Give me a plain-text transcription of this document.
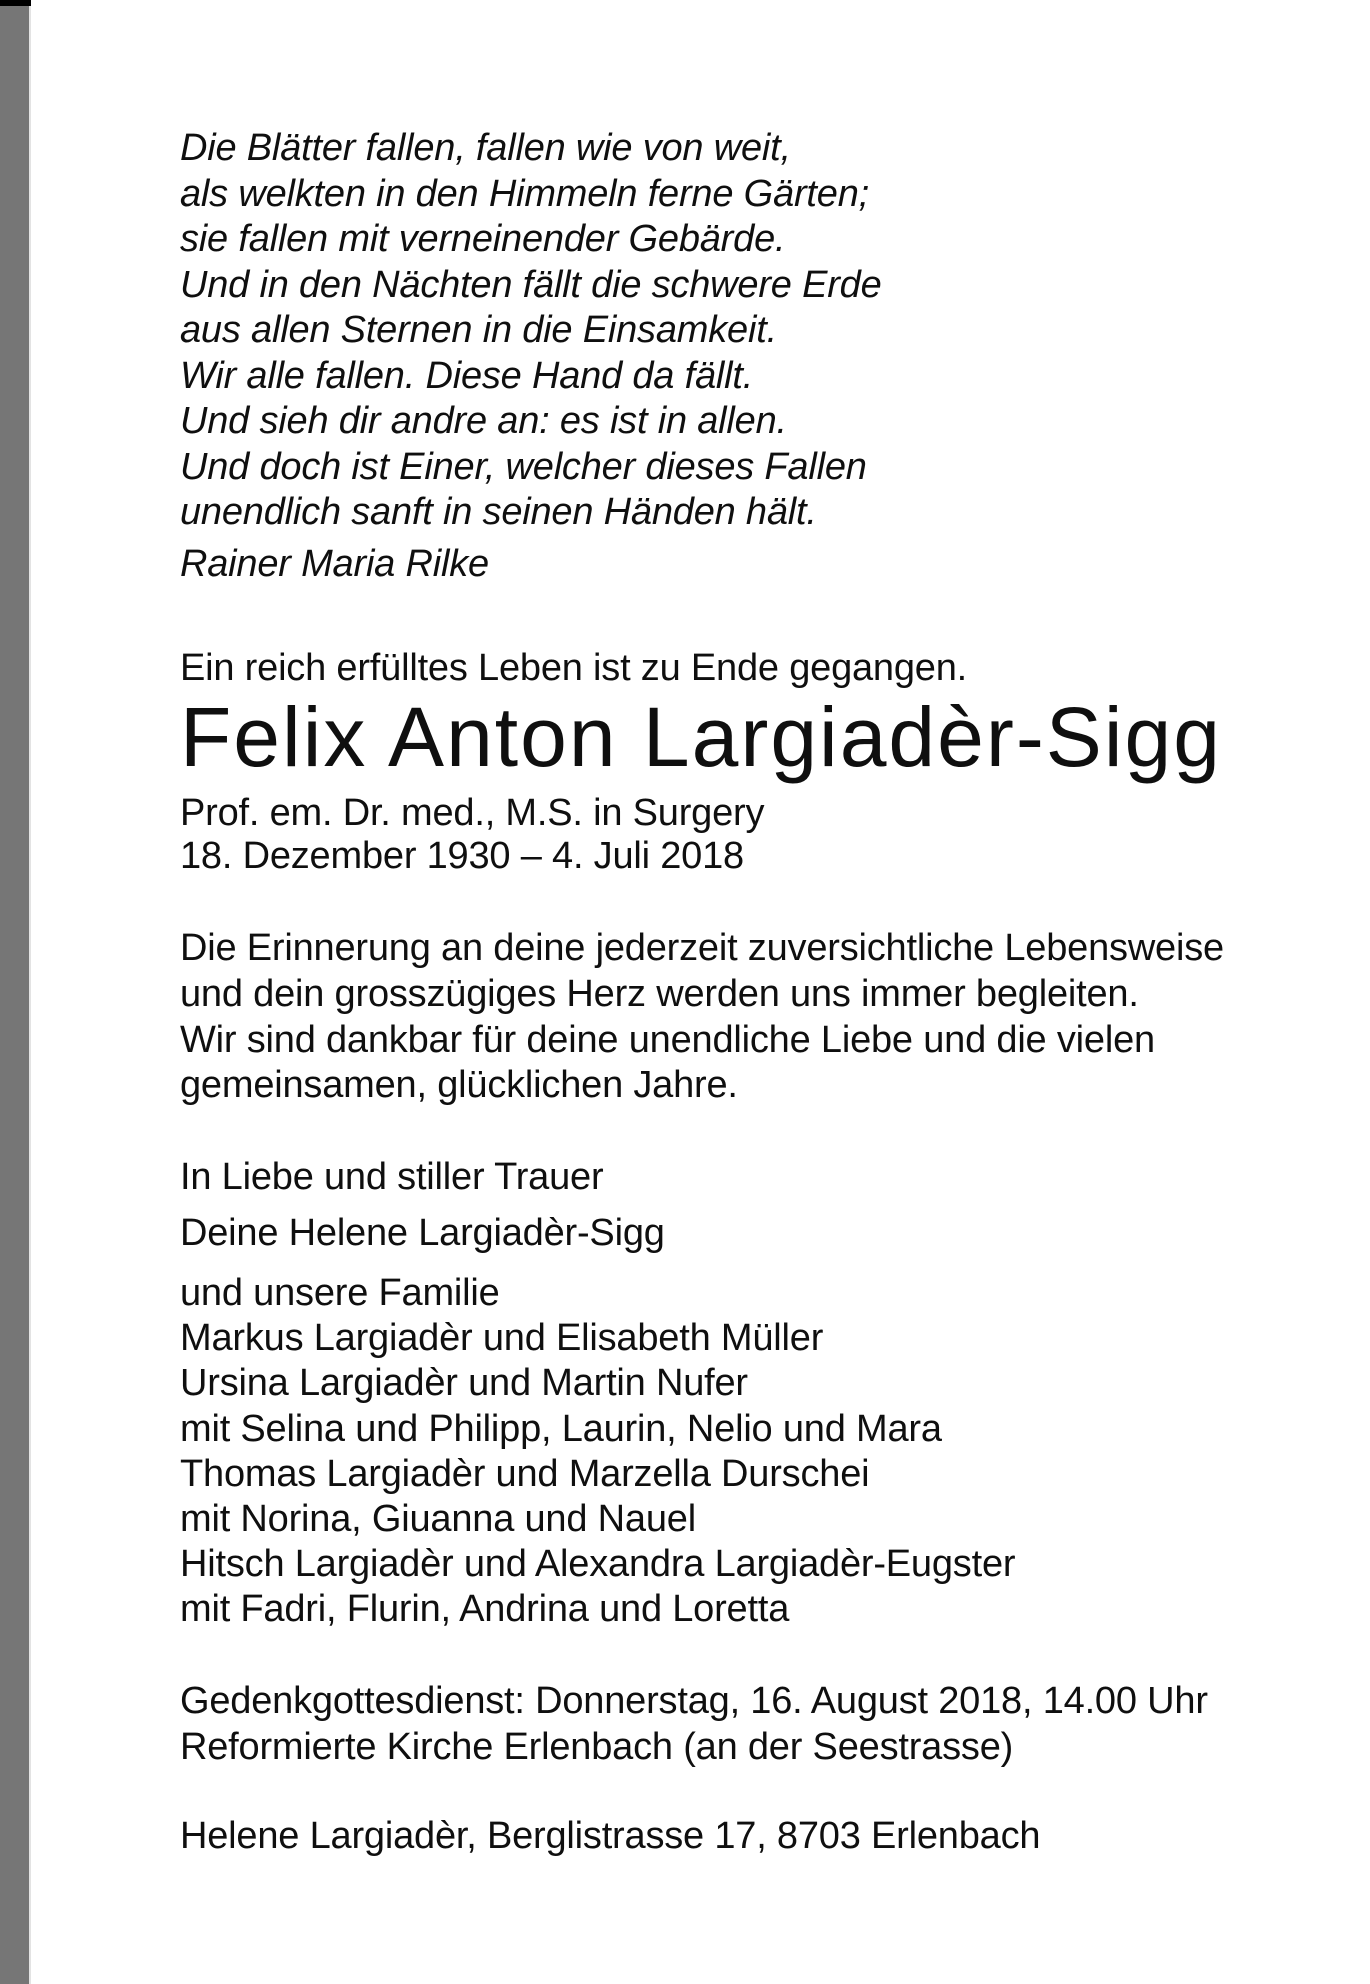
Die Blätter fallen, fallen wie von weit,
als welkten in den Himmeln ferne Gärten;
sie fallen mit verneinender Gebärde.
Und in den Nächten fällt die schwere Erde
aus allen Sternen in die Einsamkeit.
Wir alle fallen. Diese Hand da fällt.
Und sieh dir andre an: es ist in allen.
Und doch ist Einer, welcher dieses Fallen
unendlich sanft in seinen Händen hält.
Rainer Maria Rilke
Ein reich erfülltes Leben ist zu Ende gegangen.
Felix Anton Largiadèr-Sigg
Prof. em. Dr. med., M.S. in Surgery
18. Dezember 1930 – 4. Juli 2018
Die Erinnerung an deine jederzeit zuversichtliche Lebensweise
und dein grosszügiges Herz werden uns immer begleiten.
Wir sind dankbar für deine unendliche Liebe und die vielen
gemeinsamen, glücklichen Jahre.
In Liebe und stiller Trauer
Deine Helene Largiadèr-Sigg
und unsere Familie
Markus Largiadèr und Elisabeth Müller
Ursina Largiadèr und Martin Nufer
mit Selina und Philipp, Laurin, Nelio und Mara
Thomas Largiadèr und Marzella Durschei
mit Norina, Giuanna und Nauel
Hitsch Largiadèr und Alexandra Largiadèr-Eugster
mit Fadri, Flurin, Andrina und Loretta
Gedenkgottesdienst: Donnerstag, 16. August 2018, 14.00 Uhr
Reformierte Kirche Erlenbach (an der Seestrasse)
Helene Largiadèr, Berglistrasse 17, 8703 Erlenbach
